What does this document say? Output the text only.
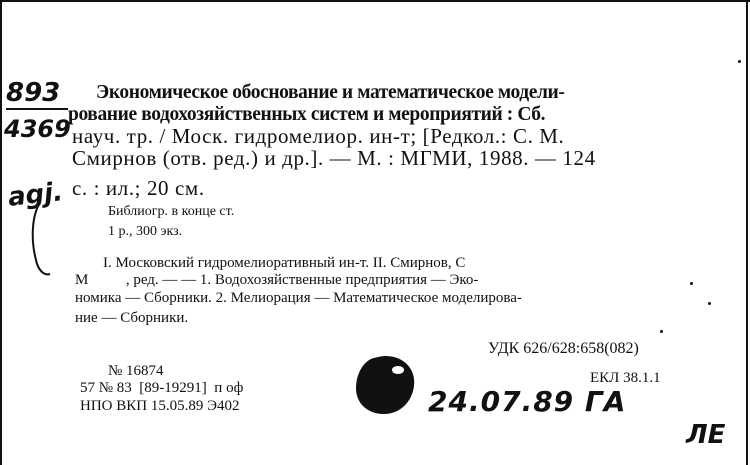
893
4369
agj.
Экономическое обоснование и математическое модели-
рование водохозяйственных систем и мероприятий : Сб.
науч. тр. / Моск. гидромелиор. ин-т; [Редкол.: С. М.
Смирнов (отв. ред.) и др.]. — М. : МГМИ, 1988. — 124
с. : ил.; 20 см.
Библиогр. в конце ст.
1 р., 300 экз.
I. Московский гидромелиоративный ин-т. II. Смирнов, С
М          , ред. — — 1. Водохозяйственные предприятия — Эко-
номика — Сборники. 2. Мелиорация — Математическое моделирова-
ние — Сборники.
УДК 626/628:658(082)
№ 16874
57 № 83  [89-19291]  п оф
НПО ВКП 15.05.89 Э402
ЕКЛ 38.1.1
24.07.89 ГА
ЛЕ
